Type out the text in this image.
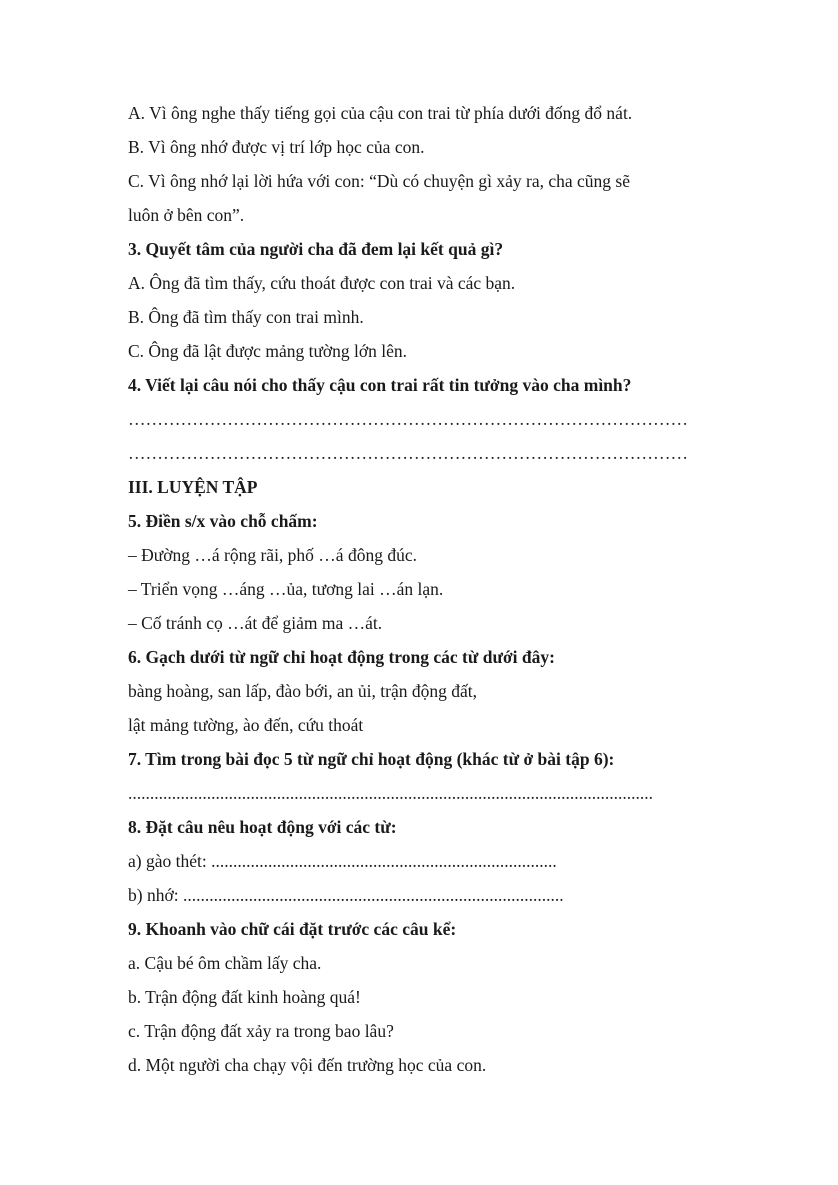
A. Vì ông nghe thấy tiếng gọi của cậu con trai từ phía dưới đống đổ nát.

B. Vì ông nhớ được vị trí lớp học của con.

C. Vì ông nhớ lại lời hứa với con: “Dù có chuyện gì xảy ra, cha cũng sẽ

luôn ở bên con”.

3. Quyết tâm của người cha đã đem lại kết quả gì?

A. Ông đã tìm thấy, cứu thoát được con trai và các bạn.

B. Ông đã tìm thấy con trai mình.

C. Ông đã lật được mảng tường lớn lên.

4. Viết lại câu nói cho thấy cậu con trai rất tin tưởng vào cha mình?

……………………………………………………………………………………

……………………………………………………………………………………

III. LUYỆN TẬP

5. Điền s/x vào chỗ chấm:

– Đường …á rộng rãi, phố …á đông đúc.

– Triển vọng …áng …ủa, tương lai …án lạn.

– Cố tránh cọ …át để giảm ma …át.

6. Gạch dưới từ ngữ chỉ hoạt động trong các từ dưới đây:

bàng hoàng, san lấp, đào bới, an ủi, trận động đất,

lật mảng tường, ào đến, cứu thoát

7. Tìm trong bài đọc 5 từ ngữ chỉ hoạt động (khác từ ở bài tập 6):

........................................................................................................................

8. Đặt câu nêu hoạt động với các từ:

a) gào thét: ...............................................................................

b) nhớ: .......................................................................................

9. Khoanh vào chữ cái đặt trước các câu kể:

a. Cậu bé ôm chầm lấy cha.

b. Trận động đất kinh hoàng quá!

c. Trận động đất xảy ra trong bao lâu?

d. Một người cha chạy vội đến trường học của con.
